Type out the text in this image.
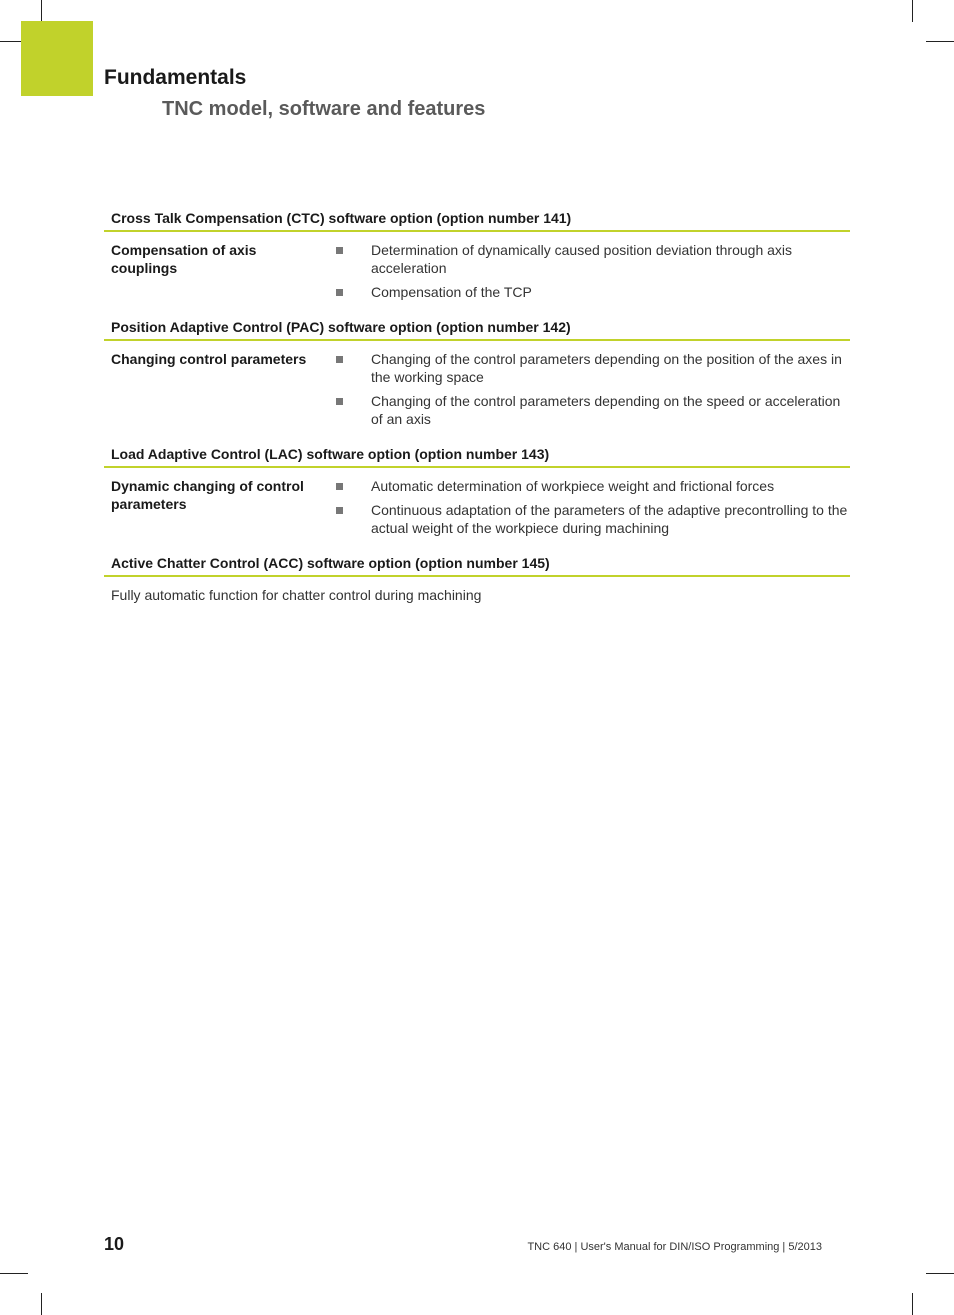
Fundamentals
TNC model, software and features
Cross Talk Compensation (CTC) software option (option number 141)
Compensation of axis couplings
Determination of dynamically caused position deviation through axis acceleration
Compensation of the TCP
Position Adaptive Control (PAC) software option (option number 142)
Changing control parameters	Changing of the control parameters depending on the position of the axes in the working space
Changing of the control parameters depending on the speed or acceleration of an axis
Load Adaptive Control (LAC) software option (option number 143)
Dynamic changing of control parameters
Automatic determination of workpiece weight and frictional forces
Continuous adaptation of the parameters of the adaptive precontrolling to the actual weight of the workpiece during machining
Active Chatter Control (ACC) software option (option number 145)
Fully automatic function for chatter control during machining
10	TNC 640 | User's Manual for DIN/ISO Programming | 5/2013
